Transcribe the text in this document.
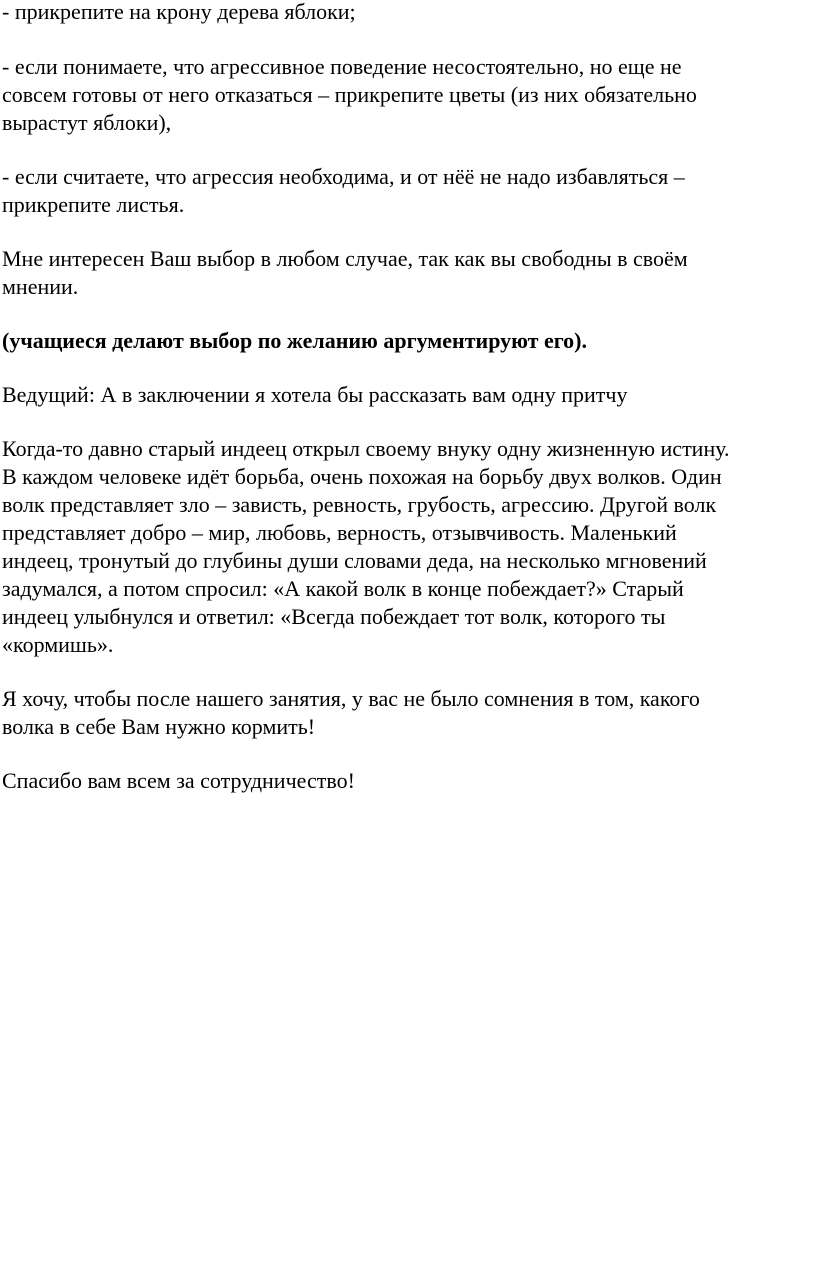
- прикрепите на крону дерева яблоки;

- если понимаете, что агрессивное поведение несостоятельно, но еще не
совсем готовы от него отказаться – прикрепите цветы (из них обязательно
вырастут яблоки),

- если считаете, что агрессия необходима, и от нёё не надо избавляться –
прикрепите листья.

Мне интересен Ваш выбор в любом случае, так как вы свободны в своём
мнении.

(учащиеся делают выбор по желанию аргументируют его).

Ведущий: А в заключении я хотела бы рассказать вам одну притчу

Когда-то давно старый индеец открыл своему внуку одну жизненную истину.
В каждом человеке идёт борьба, очень похожая на борьбу двух волков. Один
волк представляет зло – зависть, ревность, грубость, агрессию. Другой волк
представляет добро – мир, любовь, верность, отзывчивость. Маленький
индеец, тронутый до глубины души словами деда, на несколько мгновений
задумался, а потом спросил: «А какой волк в конце побеждает?» Старый
индеец улыбнулся и ответил: «Всегда побеждает тот волк, которого ты
«кормишь».

Я хочу, чтобы после нашего занятия, у вас не было сомнения в том, какого
волка в себе Вам нужно кормить!

Спасибо вам всем за сотрудничество!
